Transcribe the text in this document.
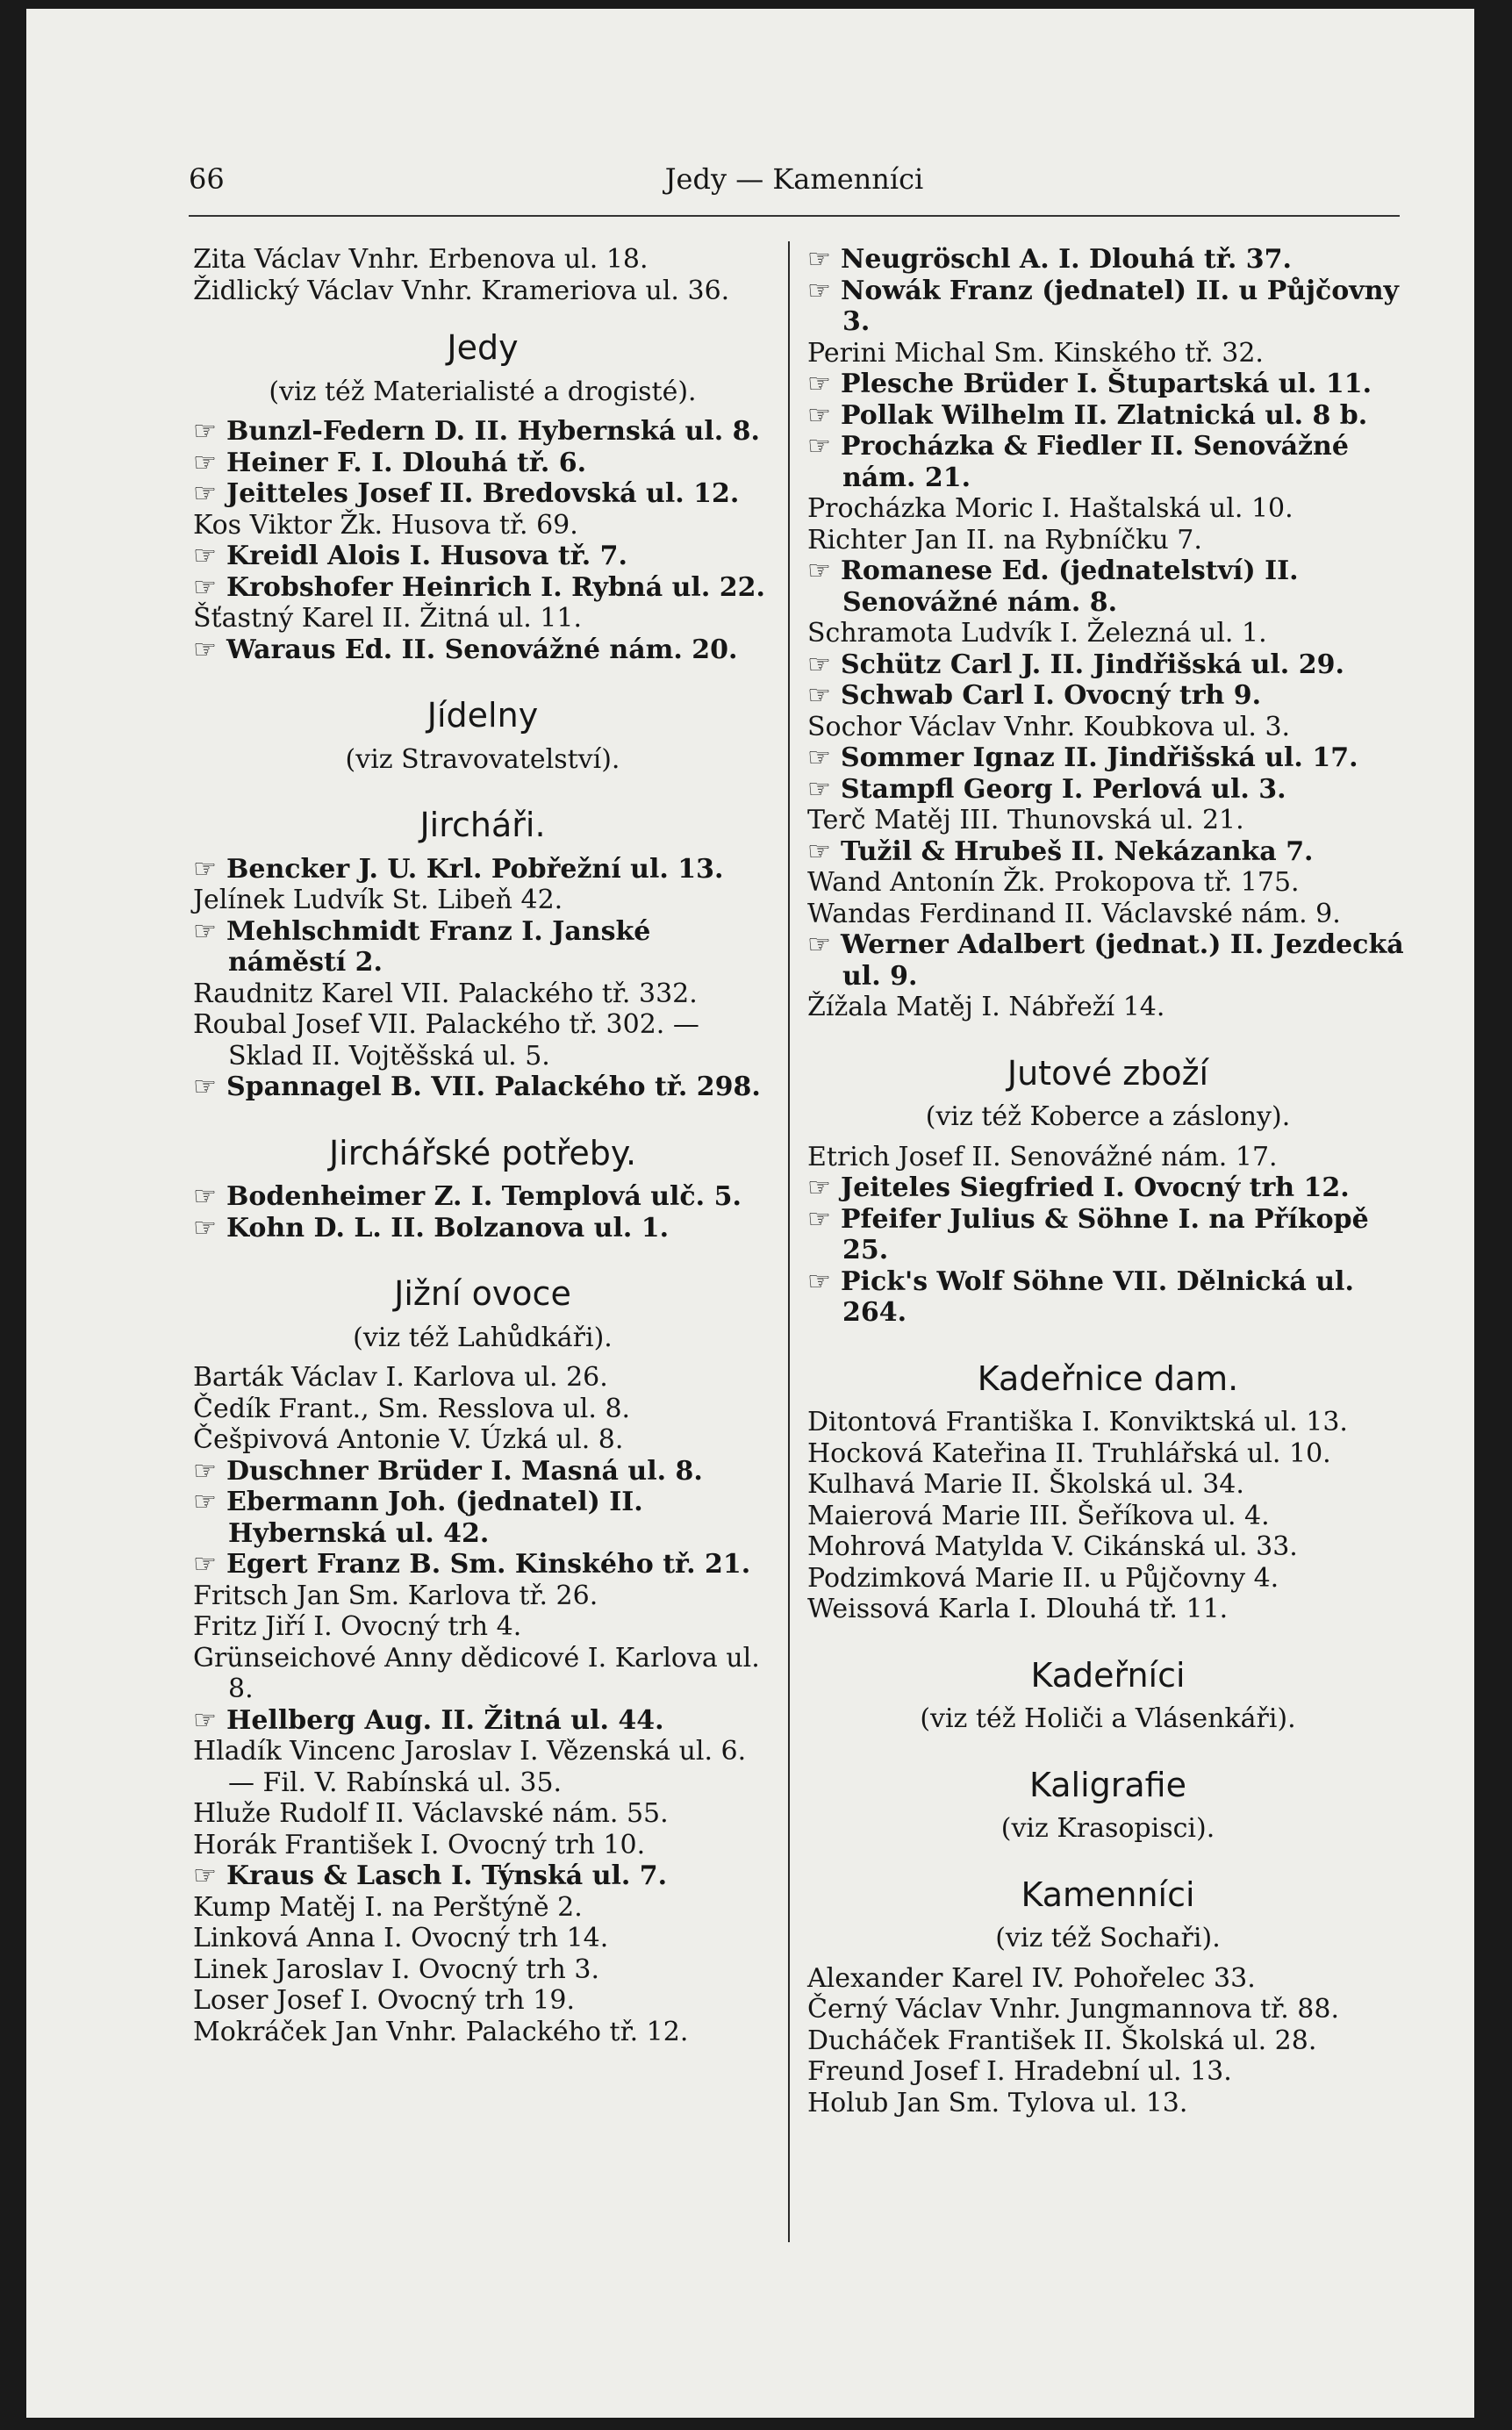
66	Jedy — Kamenníci

Zita Václav Vnhr. Erbenova ul. 18.

Židlický Václav Vnhr. Krameriova ul. 36.

Jedy

(viz též Materialisté a drogisté).

☞ Bunzl-Federn D. II. Hybernská ul. 8.

☞ Heiner F. I. Dlouhá tř. 6.

☞ Jeitteles Josef II. Bredovská ul. 12.

Kos Viktor Žk. Husova tř. 69.

☞ Kreidl Alois I. Husova tř. 7.

☞ Krobshofer Heinrich I. Rybná ul. 22.

Šťastný Karel II. Žitná ul. 11.

☞ Waraus Ed. II. Senovážné nám. 20.

Jídelny

(viz Stravovatelství).

Jircháři.

☞ Bencker J. U. Krl. Pobřežní ul. 13.

Jelínek Ludvík St. Libeň 42.

☞ Mehlschmidt Franz I. Janské náměstí 2.

Raudnitz Karel VII. Palackého tř. 332.

Roubal Josef VII. Palackého tř. 302. — Sklad II. Vojtěšská ul. 5.

☞ Spannagel B. VII. Palackého tř. 298.

Jirchářské potřeby.

☞ Bodenheimer Z. I. Templová ulč. 5.

☞ Kohn D. L. II. Bolzanova ul. 1.

Jižní ovoce

(viz též Lahůdkáři).

Barták Václav I. Karlova ul. 26.

Čedík Frant., Sm. Resslova ul. 8.

Češpivová Antonie V. Úzká ul. 8.

☞ Duschner Brüder I. Masná ul. 8.

☞ Ebermann Joh. (jednatel) II. Hybernská ul. 42.

☞ Egert Franz B. Sm. Kinského tř. 21.

Fritsch Jan Sm. Karlova tř. 26.

Fritz Jiří I. Ovocný trh 4.

Grünseichové Anny dědicové I. Karlova ul. 8.

☞ Hellberg Aug. II. Žitná ul. 44.

Hladík Vincenc Jaroslav I. Vězenská ul. 6. — Fil. V. Rabínská ul. 35.

Hluže Rudolf II. Václavské nám. 55.

Horák František I. Ovocný trh 10.

☞ Kraus & Lasch I. Týnská ul. 7.

Kump Matěj I. na Perštýně 2.

Linková Anna I. Ovocný trh 14.

Linek Jaroslav I. Ovocný trh 3.

Loser Josef I. Ovocný trh 19.

Mokráček Jan Vnhr. Palackého tř. 12.

☞ Neugröschl A. I. Dlouhá tř. 37.

☞ Nowák Franz (jednatel) II. u Půjčovny 3.

Perini Michal Sm. Kinského tř. 32.

☞ Plesche Brüder I. Štupartská ul. 11.

☞ Pollak Wilhelm II. Zlatnická ul. 8 b.

☞ Procházka & Fiedler II. Senovážné nám. 21.

Procházka Moric I. Haštalská ul. 10.

Richter Jan II. na Rybníčku 7.

☞ Romanese Ed. (jednatelství) II. Senovážné nám. 8.

Schramota Ludvík I. Železná ul. 1.

☞ Schütz Carl J. II. Jindřišská ul. 29.

☞ Schwab Carl I. Ovocný trh 9.

Sochor Václav Vnhr. Koubkova ul. 3.

☞ Sommer Ignaz II. Jindřišská ul. 17.

☞ Stampfl Georg I. Perlová ul. 3.

Terč Matěj III. Thunovská ul. 21.

☞ Tužil & Hrubeš II. Nekázanka 7.

Wand Antonín Žk. Prokopova tř. 175.

Wandas Ferdinand II. Václavské nám. 9.

☞ Werner Adalbert (jednat.) II. Jezdecká ul. 9.

Žížala Matěj I. Nábřeží 14.

Jutové zboží

(viz též Koberce a záslony).

Etrich Josef II. Senovážné nám. 17.

☞ Jeiteles Siegfried I. Ovocný trh 12.

☞ Pfeifer Julius & Söhne I. na Příkopě 25.

☞ Pick's Wolf Söhne VII. Dělnická ul. 264.

Kadeřnice dam.

Ditontová Františka I. Konviktská ul. 13.

Hocková Kateřina II. Truhlářská ul. 10.

Kulhavá Marie II. Školská ul. 34.

Maierová Marie III. Šeříkova ul. 4.

Mohrová Matylda V. Cikánská ul. 33.

Podzimková Marie II. u Půjčovny 4.

Weissová Karla I. Dlouhá tř. 11.

Kadeřníci

(viz též Holiči a Vlásenkáři).

Kaligrafie

(viz Krasopisci).

Kamenníci

(viz též Sochaři).

Alexander Karel IV. Pohořelec 33.

Černý Václav Vnhr. Jungmannova tř. 88.

Ducháček František II. Školská ul. 28.

Freund Josef I. Hradební ul. 13.

Holub Jan Sm. Tylova ul. 13.
